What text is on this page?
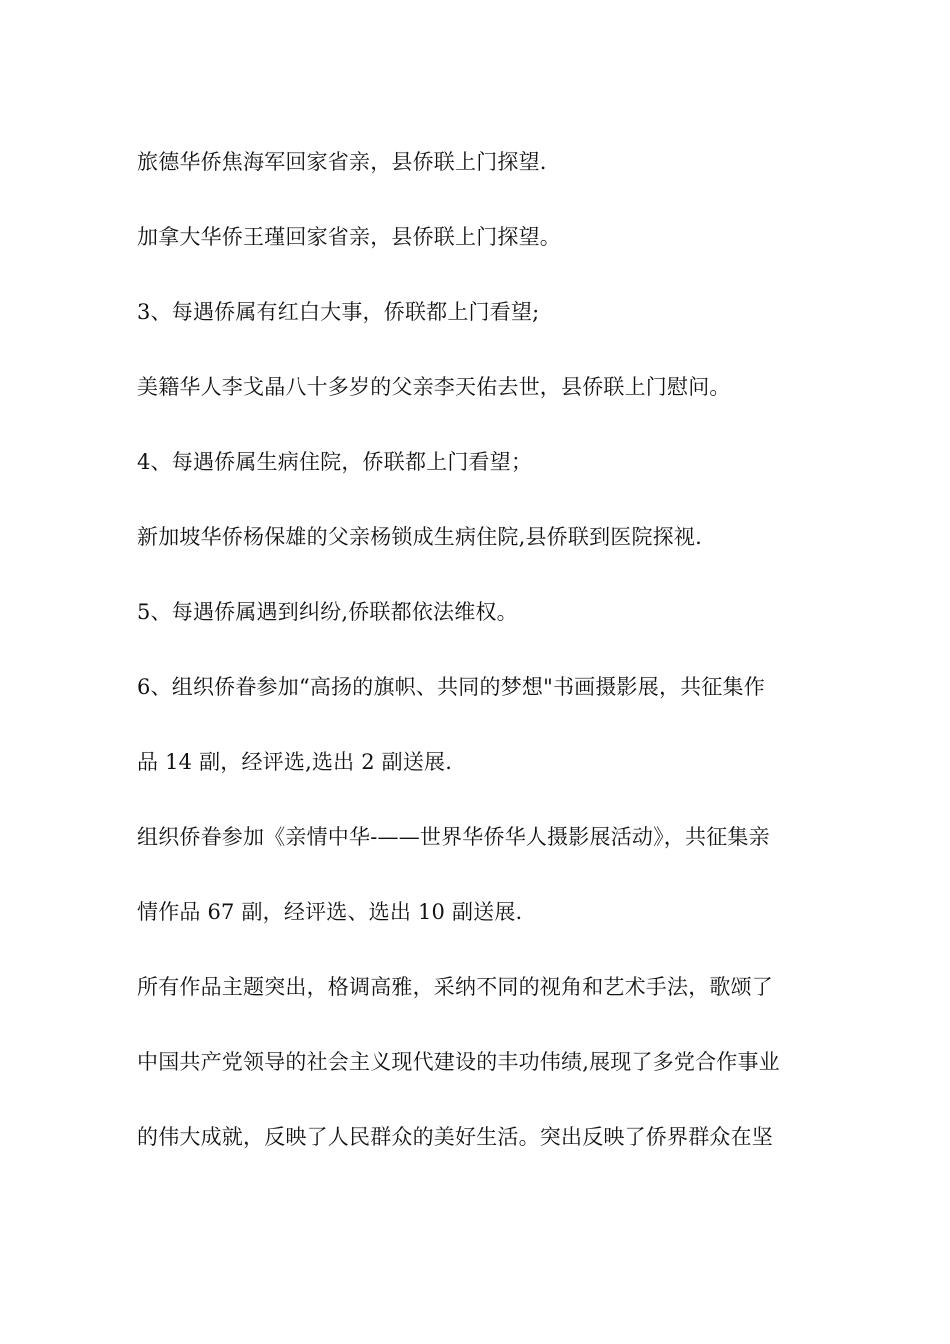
旅德华侨焦海军回家省亲，县侨联上门探望.

加拿大华侨王瑾回家省亲，县侨联上门探望。

3、每遇侨属有红白大事，侨联都上门看望;

美籍华人李戈晶八十多岁的父亲李天佑去世，县侨联上门慰问。

4、每遇侨属生病住院，侨联都上门看望；

新加坡华侨杨保雄的父亲杨锁成生病住院,县侨联到医院探视.

5、每遇侨属遇到纠纷,侨联都依法维权。

6、组织侨眷参加“高扬的旗帜、共同的梦想"书画摄影展，共征集作

品 14 副，经评选,选出 2 副送展.

组织侨眷参加《亲情中华-——世界华侨华人摄影展活动》，共征集亲

情作品 67 副，经评选、选出 10 副送展.

所有作品主题突出，格调高雅，采纳不同的视角和艺术手法，歌颂了

中国共产党领导的社会主义现代建设的丰功伟绩,展现了多党合作事业

的伟大成就，反映了人民群众的美好生活。突出反映了侨界群众在坚
